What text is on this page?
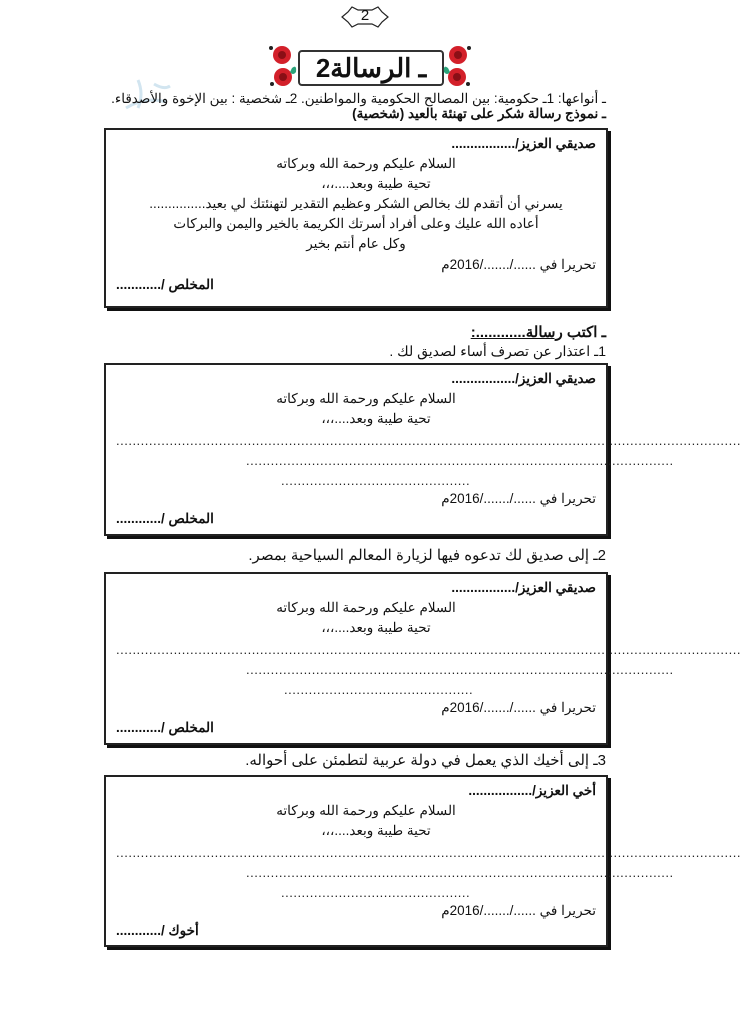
2
ـ الرسالة2
ـ أنواعها: 1ـ حكومية: بين المصالح الحكومية والمواطنين. 2ـ شخصية : بين الإخوة والأصدقاء.
ـ نموذج رسالة شكر على تهنئة بالعيد (شخصية)
صديقي العزيز/.................
السلام عليكم ورحمة الله وبركاته
تحية طيبة وبعد....،،،
يسرني أن أتقدم لك بخالص الشكر وعظيم التقدير لتهنئتك لي بعيد...............
أعاده الله عليك وعلى أفراد أسرتك الكريمة بالخير واليمن والبركات
وكل عام أنتم بخير
تحريرا في ....../......./2016م
المخلص /............
ـ اكتب رسالة............:
1ـ اعتذار عن تصرف أساء لصديق لك .
صديقي العزيز/.................
السلام عليكم ورحمة الله وبركاته
تحية طيبة وبعد....،،،
........................................................................................................................................................
........................................................................................................
..............................................
تحريرا في ....../......./2016م
المخلص /............
2ـ إلى صديق لك تدعوه فيها لزيارة المعالم السياحية بمصر.
صديقي العزيز/.................
السلام عليكم ورحمة الله وبركاته
تحية طيبة وبعد....،،،
........................................................................................................................................................
........................................................................................................
..............................................
تحريرا في ....../......./2016م
المخلص /............
3ـ إلى أخيك الذي يعمل في دولة عربية لتطمئن على أحواله.
أخي العزيز/.................
السلام عليكم ورحمة الله وبركاته
تحية طيبة وبعد....،،،
........................................................................................................................................................
........................................................................................................
..............................................
تحريرا في ....../......./2016م
أخوك /............
